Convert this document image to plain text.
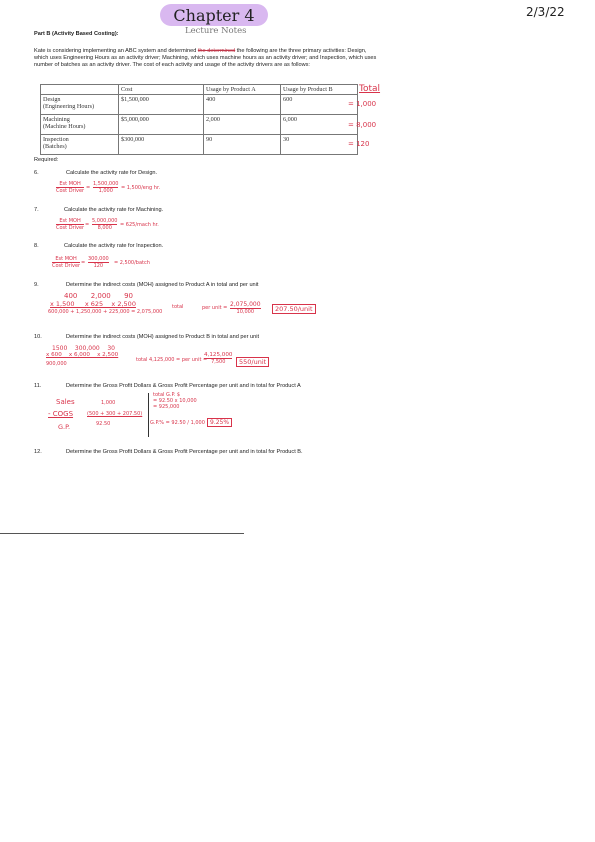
Chapter 4
Lecture Notes
2/3/22
Part B (Activity Based Costing):
Kate is considering implementing an ABC system and determined the determined the following are the three primary activities: Design, which uses Engineering Hours as an activity driver; Machining, which uses machine hours as an activity driver; and Inspection, which uses number of batches as an activity driver. The cost of each activity and usage of the activity drivers are as follows:
	Cost	Usage by Product A	Usage by Product B
Design
(Engineering Hours)	$1,500,000	400	600
Machining
(Machine Hours)	$5,000,000	2,000	6,000
Inspection
(Batches)	$300,000	90	30
Total
= 1,000
= 8,000
= 120
Required:
6.	Calculate the activity rate for Design.
7.	Calculate the activity rate for Machining.
8.	Calculate the activity rate for Inspection.
9.	Determine the indirect costs (MOH) assigned to Product A in total and per unit
10.	Determine the indirect costs (MOH) assigned to Product B in total and per unit
11.	Determine the Gross Profit Dollars & Gross Profit Percentage per unit and in total for Product A
12.	Determine the Gross Profit Dollars & Gross Profit Percentage per unit and in total for Product B.
Est MOH
Cost Driver =
1,500,000
1,000	= 1,500/eng hr.
Est MOH
Cost Driver =
5,000,000
8,000	= 625/mach hr.
Est MOH
Cost Driver =
300,000
120	= 2,500/batch
400      2,000      90
x 1,500     x 625    x 2,500
600,000 + 1,250,000 + 225,000 = 2,075,000
total	per unit = 2,075,000
10,000	207.50/unit
1500    300,000    30
x 600    x 6,000    x 2,500
900,000
total 4,125,000 = per unit =
4,125,000
7,500	550/unit
Sales
- COGS
G.P.
1,000
(500 + 300 + 207.50)
92.50
total G.P. $
= 92.50 x 10,000
= 925,000
G.P.% = 92.50 / 1,000 9.25%
